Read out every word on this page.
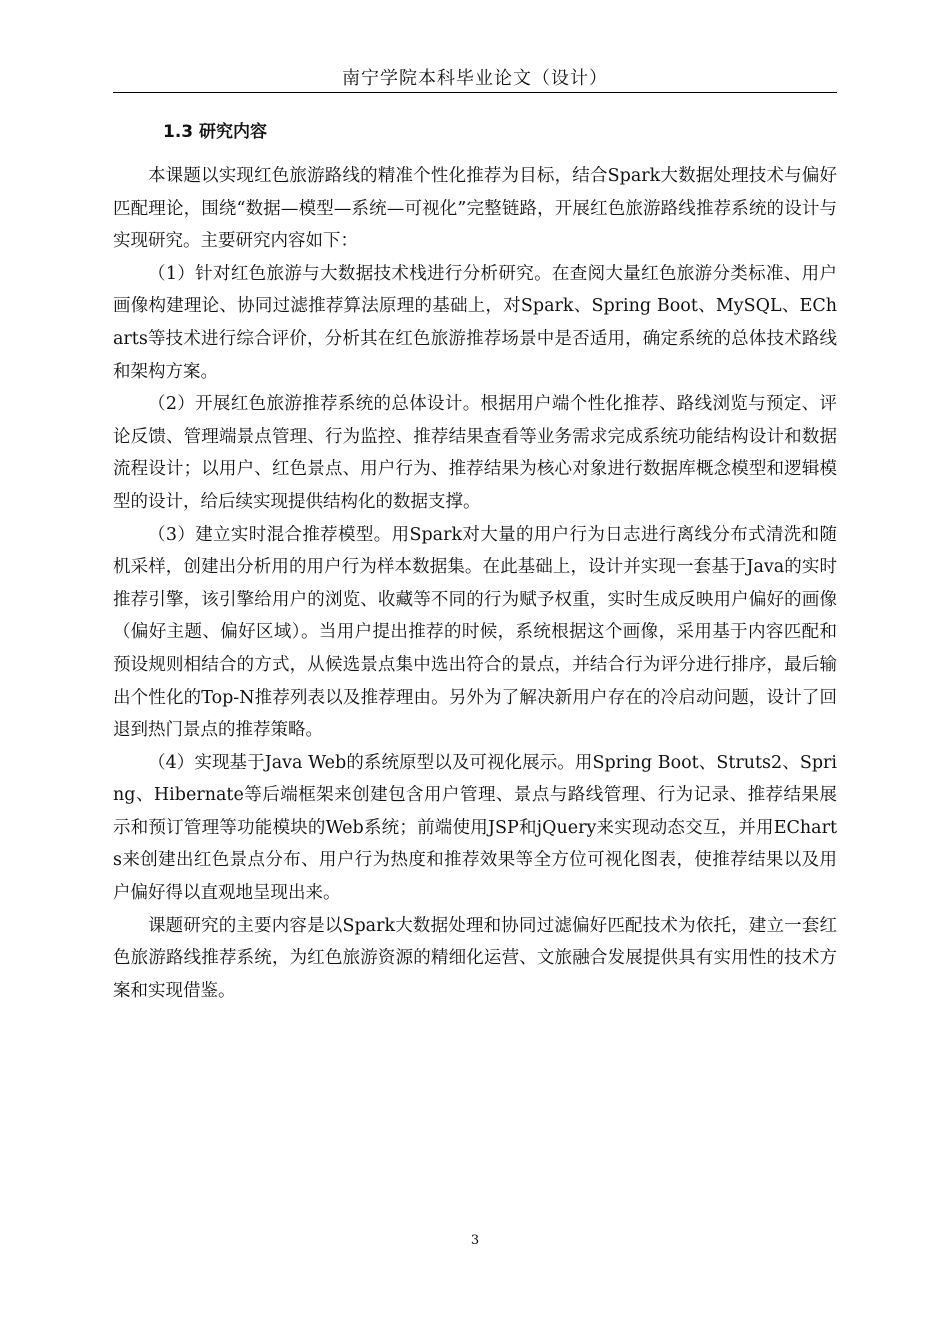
南宁学院本科毕业论文（设计）
1.3 研究内容

本课题以实现红色旅游路线的精准个性化推荐为目标，结合Spark大数据处理技术与偏好匹配理论，围绕“数据—模型—系统—可视化”完整链路，开展红色旅游路线推荐系统的设计与实现研究。主要研究内容如下：

（1）针对红色旅游与大数据技术栈进行分析研究。在查阅大量红色旅游分类标准、用户画像构建理论、协同过滤推荐算法原理的基础上，对Spark、Spring Boot、MySQL、ECharts等技术进行综合评价，分析其在红色旅游推荐场景中是否适用，确定系统的总体技术路线和架构方案。

（2）开展红色旅游推荐系统的总体设计。根据用户端个性化推荐、路线浏览与预定、评论反馈、管理端景点管理、行为监控、推荐结果查看等业务需求完成系统功能结构设计和数据流程设计；以用户、红色景点、用户行为、推荐结果为核心对象进行数据库概念模型和逻辑模型的设计，给后续实现提供结构化的数据支撑。

（3）建立实时混合推荐模型。用Spark对大量的用户行为日志进行离线分布式清洗和随机采样，创建出分析用的用户行为样本数据集。在此基础上，设计并实现一套基于Java的实时推荐引擎，该引擎给用户的浏览、收藏等不同的行为赋予权重，实时生成反映用户偏好的画像（偏好主题、偏好区域）。当用户提出推荐的时候，系统根据这个画像，采用基于内容匹配和预设规则相结合的方式，从候选景点集中选出符合的景点，并结合行为评分进行排序，最后输出个性化的Top-N推荐列表以及推荐理由。另外为了解决新用户存在的冷启动问题，设计了回退到热门景点的推荐策略。

（4）实现基于Java Web的系统原型以及可视化展示。用Spring Boot、Struts2、Spring、Hibernate等后端框架来创建包含用户管理、景点与路线管理、行为记录、推荐结果展示和预订管理等功能模块的Web系统；前端使用JSP和jQuery来实现动态交互，并用ECharts来创建出红色景点分布、用户行为热度和推荐效果等全方位可视化图表，使推荐结果以及用户偏好得以直观地呈现出来。

课题研究的主要内容是以Spark大数据处理和协同过滤偏好匹配技术为依托，建立一套红色旅游路线推荐系统，为红色旅游资源的精细化运营、文旅融合发展提供具有实用性的技术方案和实现借鉴。

3
